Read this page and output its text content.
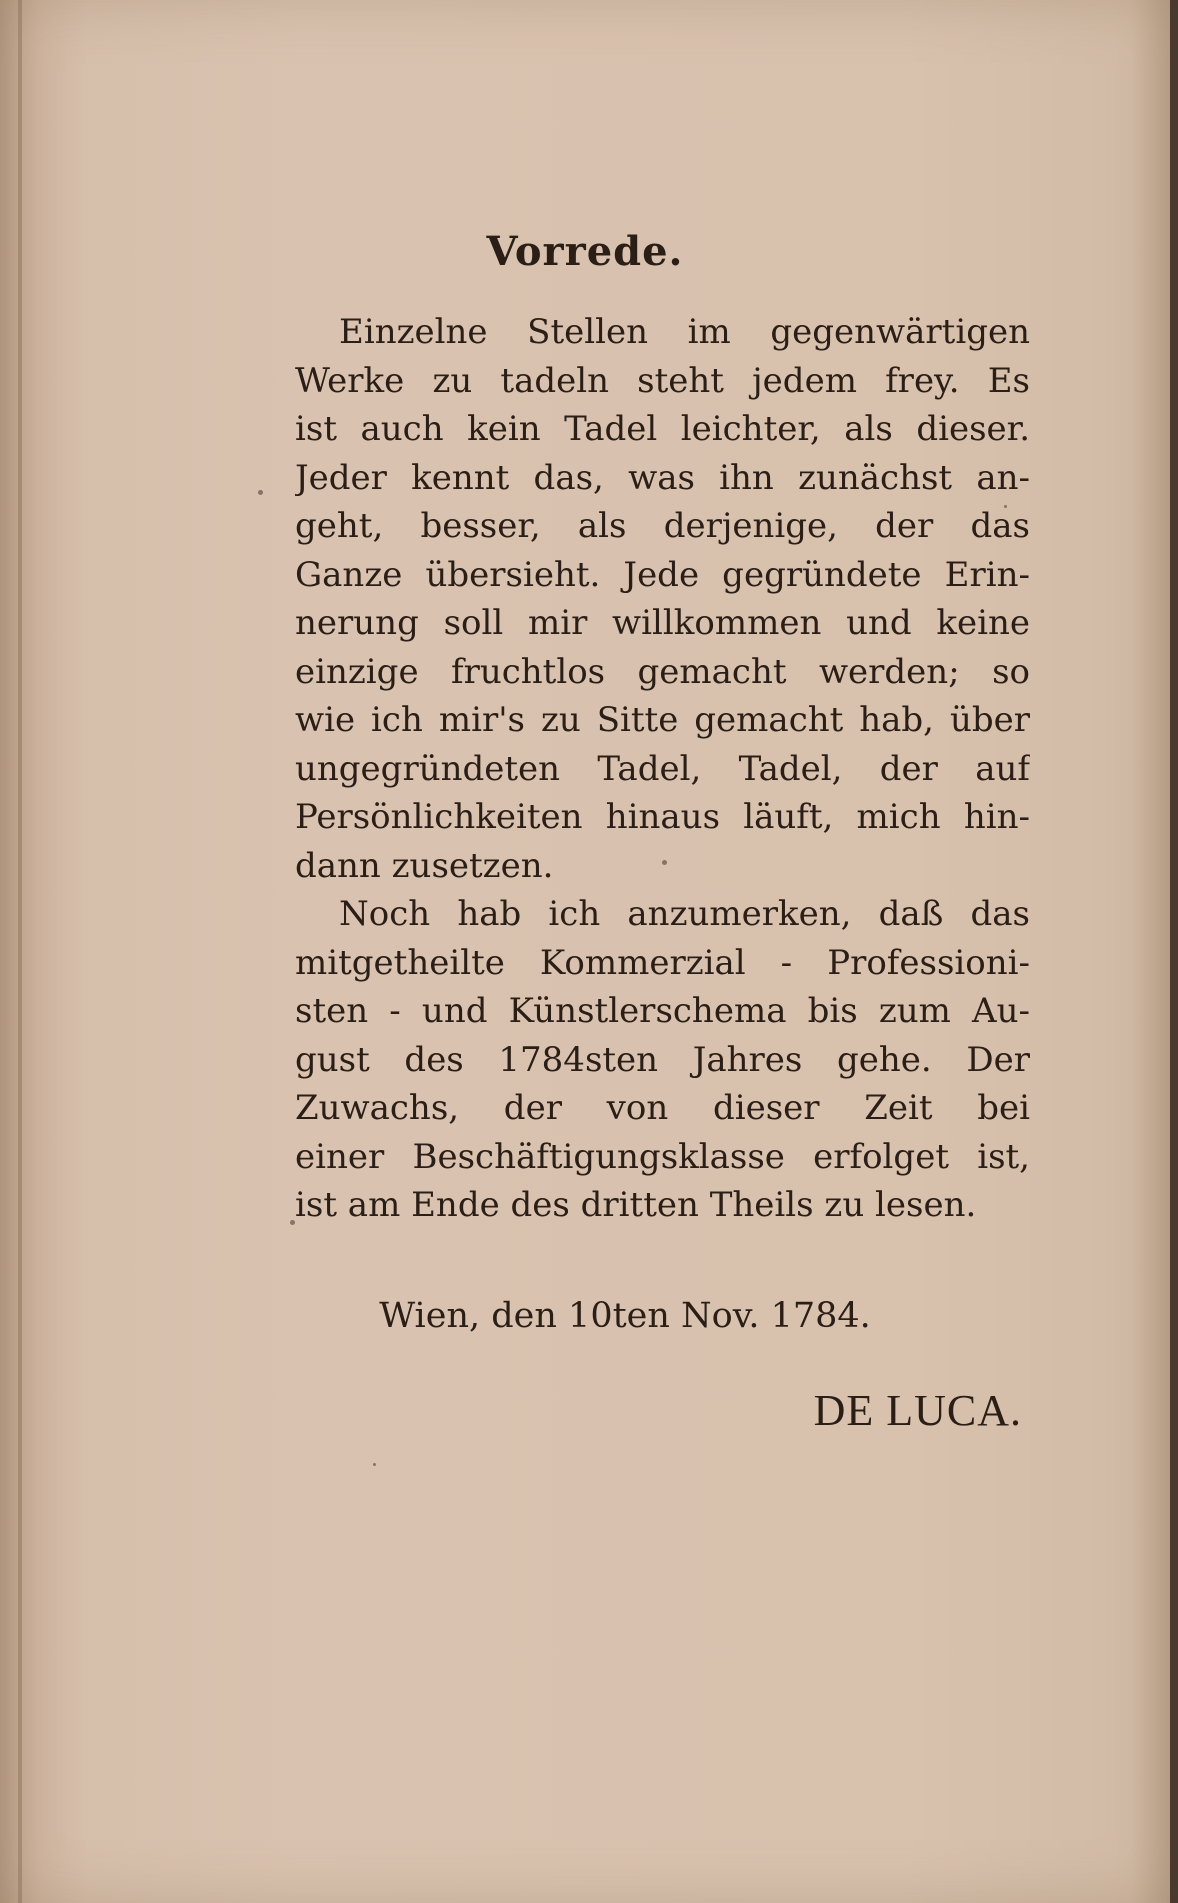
Vorrede.
Einzelne Stellen im gegenwärtigen
Werke zu tadeln steht jedem frey. Es
ist auch kein Tadel leichter, als dieser.
Jeder kennt das, was ihn zunächst an-
geht, besser, als derjenige, der das
Ganze übersieht. Jede gegründete Erin-
nerung soll mir willkommen und keine
einzige fruchtlos gemacht werden; so
wie ich mir's zu Sitte gemacht hab, über
ungegründeten Tadel, Tadel, der auf
Persönlichkeiten hinaus läuft, mich hin-
dann zusetzen.
Noch hab ich anzumerken, daß das
mitgetheilte Kommerzial - Professioni-
sten - und Künstlerschema bis zum Au-
gust des 1784sten Jahres gehe. Der
Zuwachs, der von dieser Zeit bei
einer Beschäftigungsklasse erfolget ist,
ist am Ende des dritten Theils zu lesen.
Wien, den 10ten Nov. 1784.
DE LUCA.
